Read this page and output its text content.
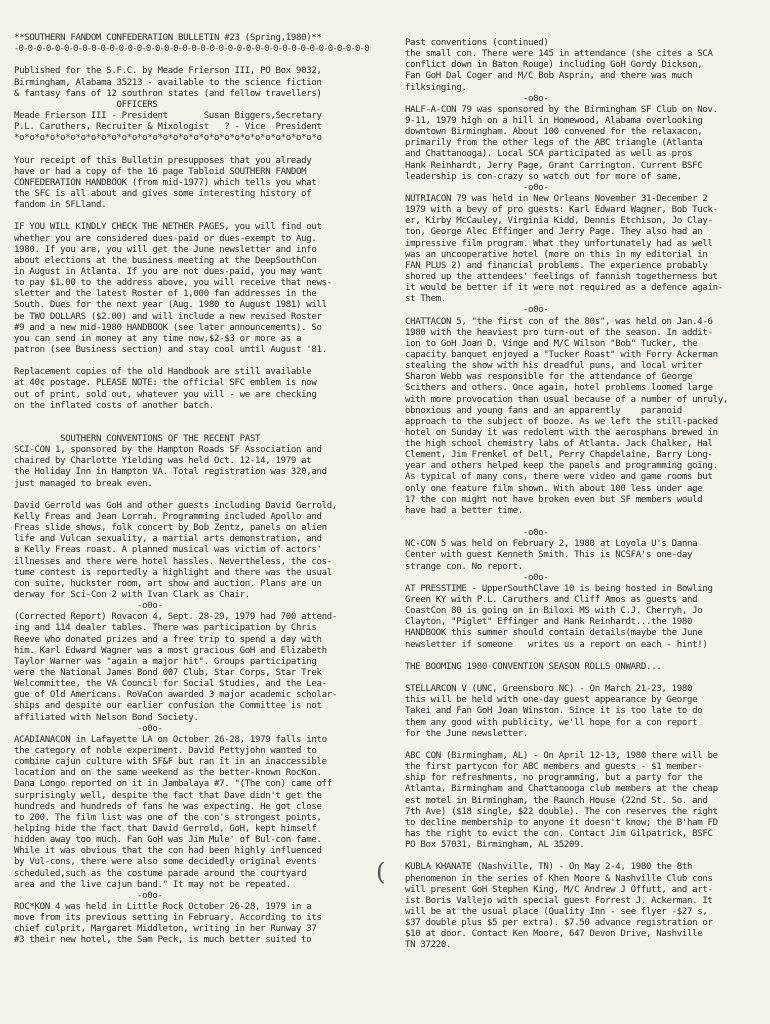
**SOUTHERN FANDOM CONFEDERATION BULLETIN #23 (Spring,1980)**
-0-0-0-0-0-0-0-0-0-0-0-0-0-0-0-0-0-0-0-0-0-0-0-0-0-0-0-0-0-0-0-0-0-0-0-0-0-0-0
Published for the S.F.C. by Meade Frierson III, PO Box 9032,
Birmingham, Alabama 35213 - available to the science fiction
& fantasy fans of 12 southron states (and fellow travellers)
OFFICERS
Meade Frierson III - President       Susan Biggers,Secretary
P.L. Caruthers, Recruiter & Mixologist   ? - Vice  President
*o*o*o*o*o*o*o*o*o*o*o*o*o*o*o*o*o*o*o*o*o*o*o*o*o*o*o*o*o*o
Your receipt of this Bulletin presupposes that you already
have or had a copy of the 16 page Tabloid SOUTHERN FANDOM
CONFEDERATION HANDBOOK (from mid-1977) which tells you what
the SFC is all about and gives some interesting history of
fandom in SFLland.
IF YOU WILL KINDLY CHECK THE NETHER PAGES, you will find out
whether you are considered dues-paid or dues-exempt to Aug.
1980. If you are, you will get the June newsletter and info
about elections at the business meeting at the DeepSouthCon
in August in Atlanta. If you are not dues-paid, you may want
to pay $1.00 to the address above, you will receive that news-
sletter and the latest Roster of 1,000 fan addresses in the
South. Dues for the next year (Aug. 1980 to August 1981) will
be TWO DOLLARS ($2.00) and will include a new revised Roster
#9 and a new mid-1980 HANDBOOK (see later announcements). So
you can send in money at any time now,$2-$3 or more as a
patron (see Business section) and stay cool until August '81.
Replacement copies of the old Handbook are still available
at 40¢ postage. PLEASE NOTE: the official SFC emblem is now
out of print, sold out, whatever you will - we are checking
on the inflated costs of another batch.
SOUTHERN CONVENTIONS OF THE RECENT PAST
SCI-CON 1, sponsored by the Hampton Roads SF Association and
chaired by Charlotte Yielding was held Oct. 12-14, 1979 at
the Holiday Inn in Hampton VA. Total registration was 320,and
just managed to break even.
David Gerrold was GoH and other guests including David Gerrold,
Kelly Freas and Jean Lorrah. Programming included Apollo and
Freas slide shows, folk concert by Bob Zentz, panels on alien
life and Vulcan sexuality, a martial arts demonstration, and
a Kelly Freas roast. A planned musical was victim of actors'
illnesses and there were hotel hassles. Nevertheless, the cos-
tume contest is reportedly a highlight and there was the usual
con suite, huckster room, art show and auction. Plans are un
derway for Sci-Con 2 with Ivan Clark as Chair.
-o0o-
(Corrected Report) Rovacon 4, Sept. 28-29, 1979 had 700 attend-
ing and 114 dealer tables. There was participation by Chris
Reeve who donated prizes and a free trip to spend a day with
him. Karl Edward Wagner was a most gracious GoH and Elizabeth
Taylor Warner was "again a major hit". Groups participating
were the National James Bond 007 Club, Star Corps, Star Trek
Welcommittee, the VA Council for Social Studies, and the Lea-
gue of Old Americans. RoVaCon awarded 3 major academic scholar-
ships and despite our earlier confusion the Committee is not
affiliated with Nelson Bond Society.
-o0o-
ACADIANACON in Lafayette LA on October 26-28, 1979 falls into
the category of noble experiment. David Pettyjohn wanted to
combine cajun culture with SF&F but ran it in an inaccessible
location and on the same weekend as the better-known RocKon.
Dana Longo reported on it in Jambalaya #7. "(The con) came off
surprisingly well, despite the fact that Dave didn't get the
hundreds and hundreds of fans he was expecting. He got close
to 200. The film list was one of the con's strongest points,
helping hide the fact that David Gerrold, GoH, kept himself
hidden away too much. Fan GoH was Jim Mule' of Bul-con fame.
While it was obvious that the con had been highly influenced
by Vul-cons, there were also some decidedly original events
scheduled,such as the costume parade around the courtyard
area and the live cajun band." It may not be repeated.
-o0o-
ROC*KON 4 was held in Little Rock October 26-28, 1979 in a
move from its previous setting in February. According to its
chief culprit, Margaret Middleton, writing in her Runway 37
#3 their new hotel, the Sam Peck, is much better suited to
Past conventions (continued)
the small con. There were 145 in attendance (she cites a SCA
conflict down in Baton Rouge) including GoH Gordy Dickson,
Fan GoH Dal Coger and M/C Bob Asprin, and there was much
filksinging.
-o0o-
HALF-A-CON 79 was sponsored by the Birmingham SF Club on Nov.
9-11, 1979 high on a hill in Homewood, Alabama overlooking
downtown Birmingham. About 100 convened for the relaxacon,
primarily from the other legs of the ABC triangle (Atlanta
and Chattanooga). Local SCA participated as well as pros
Hank Reinhardt, Jerry Page, Grant Carrington. Current BSFC
leadership is con-crazy so watch out for more of same.
-o0o-
NUTRIACON 79 was held in New Orleans November 31-December 2
1979 with a bevy of pro guests: Karl Edward Wagner, Bob Tuck-
er, Kirby McCauley, Virginia Kidd, Dennis Etchison, Jo Clay-
ton, George Alec Effinger and Jerry Page. They also had an
impressive film program. What they unfortunately had as well
was an uncooperative hotel (more on this in my editorial in
FAN PLUS 2) and financial problems. The experience probably
shored up the attendees' feelings of fannish togetherness but
it would be better if it were not required as a defence again-
st Them.
-o0o-
CHATTACON 5, "the first con of the 80s", was held on Jan.4-6
1980 with the heaviest pro turn-out of the season. In addit-
ion to GoH Joan D. Vinge and M/C Wilson "Bob" Tucker, the
capacity banquet enjoyed a "Tucker Roast" with Forry Ackerman
stealing the show with his dreadful puns, and local writer
Sharon Webb was responsible for the attendance of George
Scithers and others. Once again, hotel problems loomed large
with more provocation than usual because of a number of unruly,
obnoxious and young fans and an apparently    paranoid
approach to the subject of booze. As we left the still-packed
hotel on Sunday it was redolent with the aerosphans brewed in
the high school chemistry labs of Atlanta. Jack Chalker, Hal
Clement, Jim Frenkel of Dell, Perry Chapdelaine, Barry Long-
year and others helped keep the panels and programming going.
As typical of many cons, there were video and game rooms but
only one feature film shown. With about 100 less under age
17 the con might not have broken even but SF members would
have had a better time.
-o0o-
NC-CON 5 was held on February 2, 1980 at Loyola U's Danna
Center with guest Kenneth Smith. This is NCSFA's one-day
strange con. No report.
-o0o-
AT PRESSTIME - UpperSouthClave 10 is being hosted in Bowling
Green KY with P.L. Caruthers and Cliff Amos as guests and
CoastCon 80 is going on in Biloxi MS with C.J. Cherryh, Jo
Clayton, "Piglet" Effinger and Hank Reinhardt...the 1980
HANDBOOK this summer should contain details(maybe the June
newsletter if someone   writes us a report on each - hint!)
THE BOOMING 1980 CONVENTION SEASON ROLLS ONWARD...
STELLARCON V (UNC, Greensboro NC) - On March 21-23, 1980
this will be held with one-day guest appearance by George
Takei and Fan GoH Joan Winston. Since it is too late to do
them any good with publicity, we'll hope for a con report
for the June newsletter.
ABC CON (Birmingham, AL) - On April 12-13, 1980 there will be
the first partycon for ABC members and guests - $1 member-
ship for refreshments, no programming, but a party for the
Atlanta, Birmingham and Chattanooga club members at the cheap
est motel in Birmingham, the Raunch House (22nd St. So. and
7th Ave) ($18 single, $22 double). The con reserves the right
to decline membership to anyone it doesn't know; the B'ham FD
has the right to evict the con. Contact Jim Gilpatrick, BSFC
PO Box 57031, Birmingham, AL 35209.
KUBLA KHANATE (Nashville, TN) - On May 2-4, 1980 the 8th
phenomenon in the series of Khen Moore & Nashville Club cons
will present GoH Stephen King, M/C Andrew J Offutt, and art-
ist Boris Vallejo with special guest Forrest J. Ackerman. It
will be at the usual place (Quality Inn - see flyer -$27 s,
$37 double plus $5 per extra). $7.50 advance registration or
$10 at door. Contact Ken Moore, 647 Devon Drive, Nashville
TN 37220.
(
